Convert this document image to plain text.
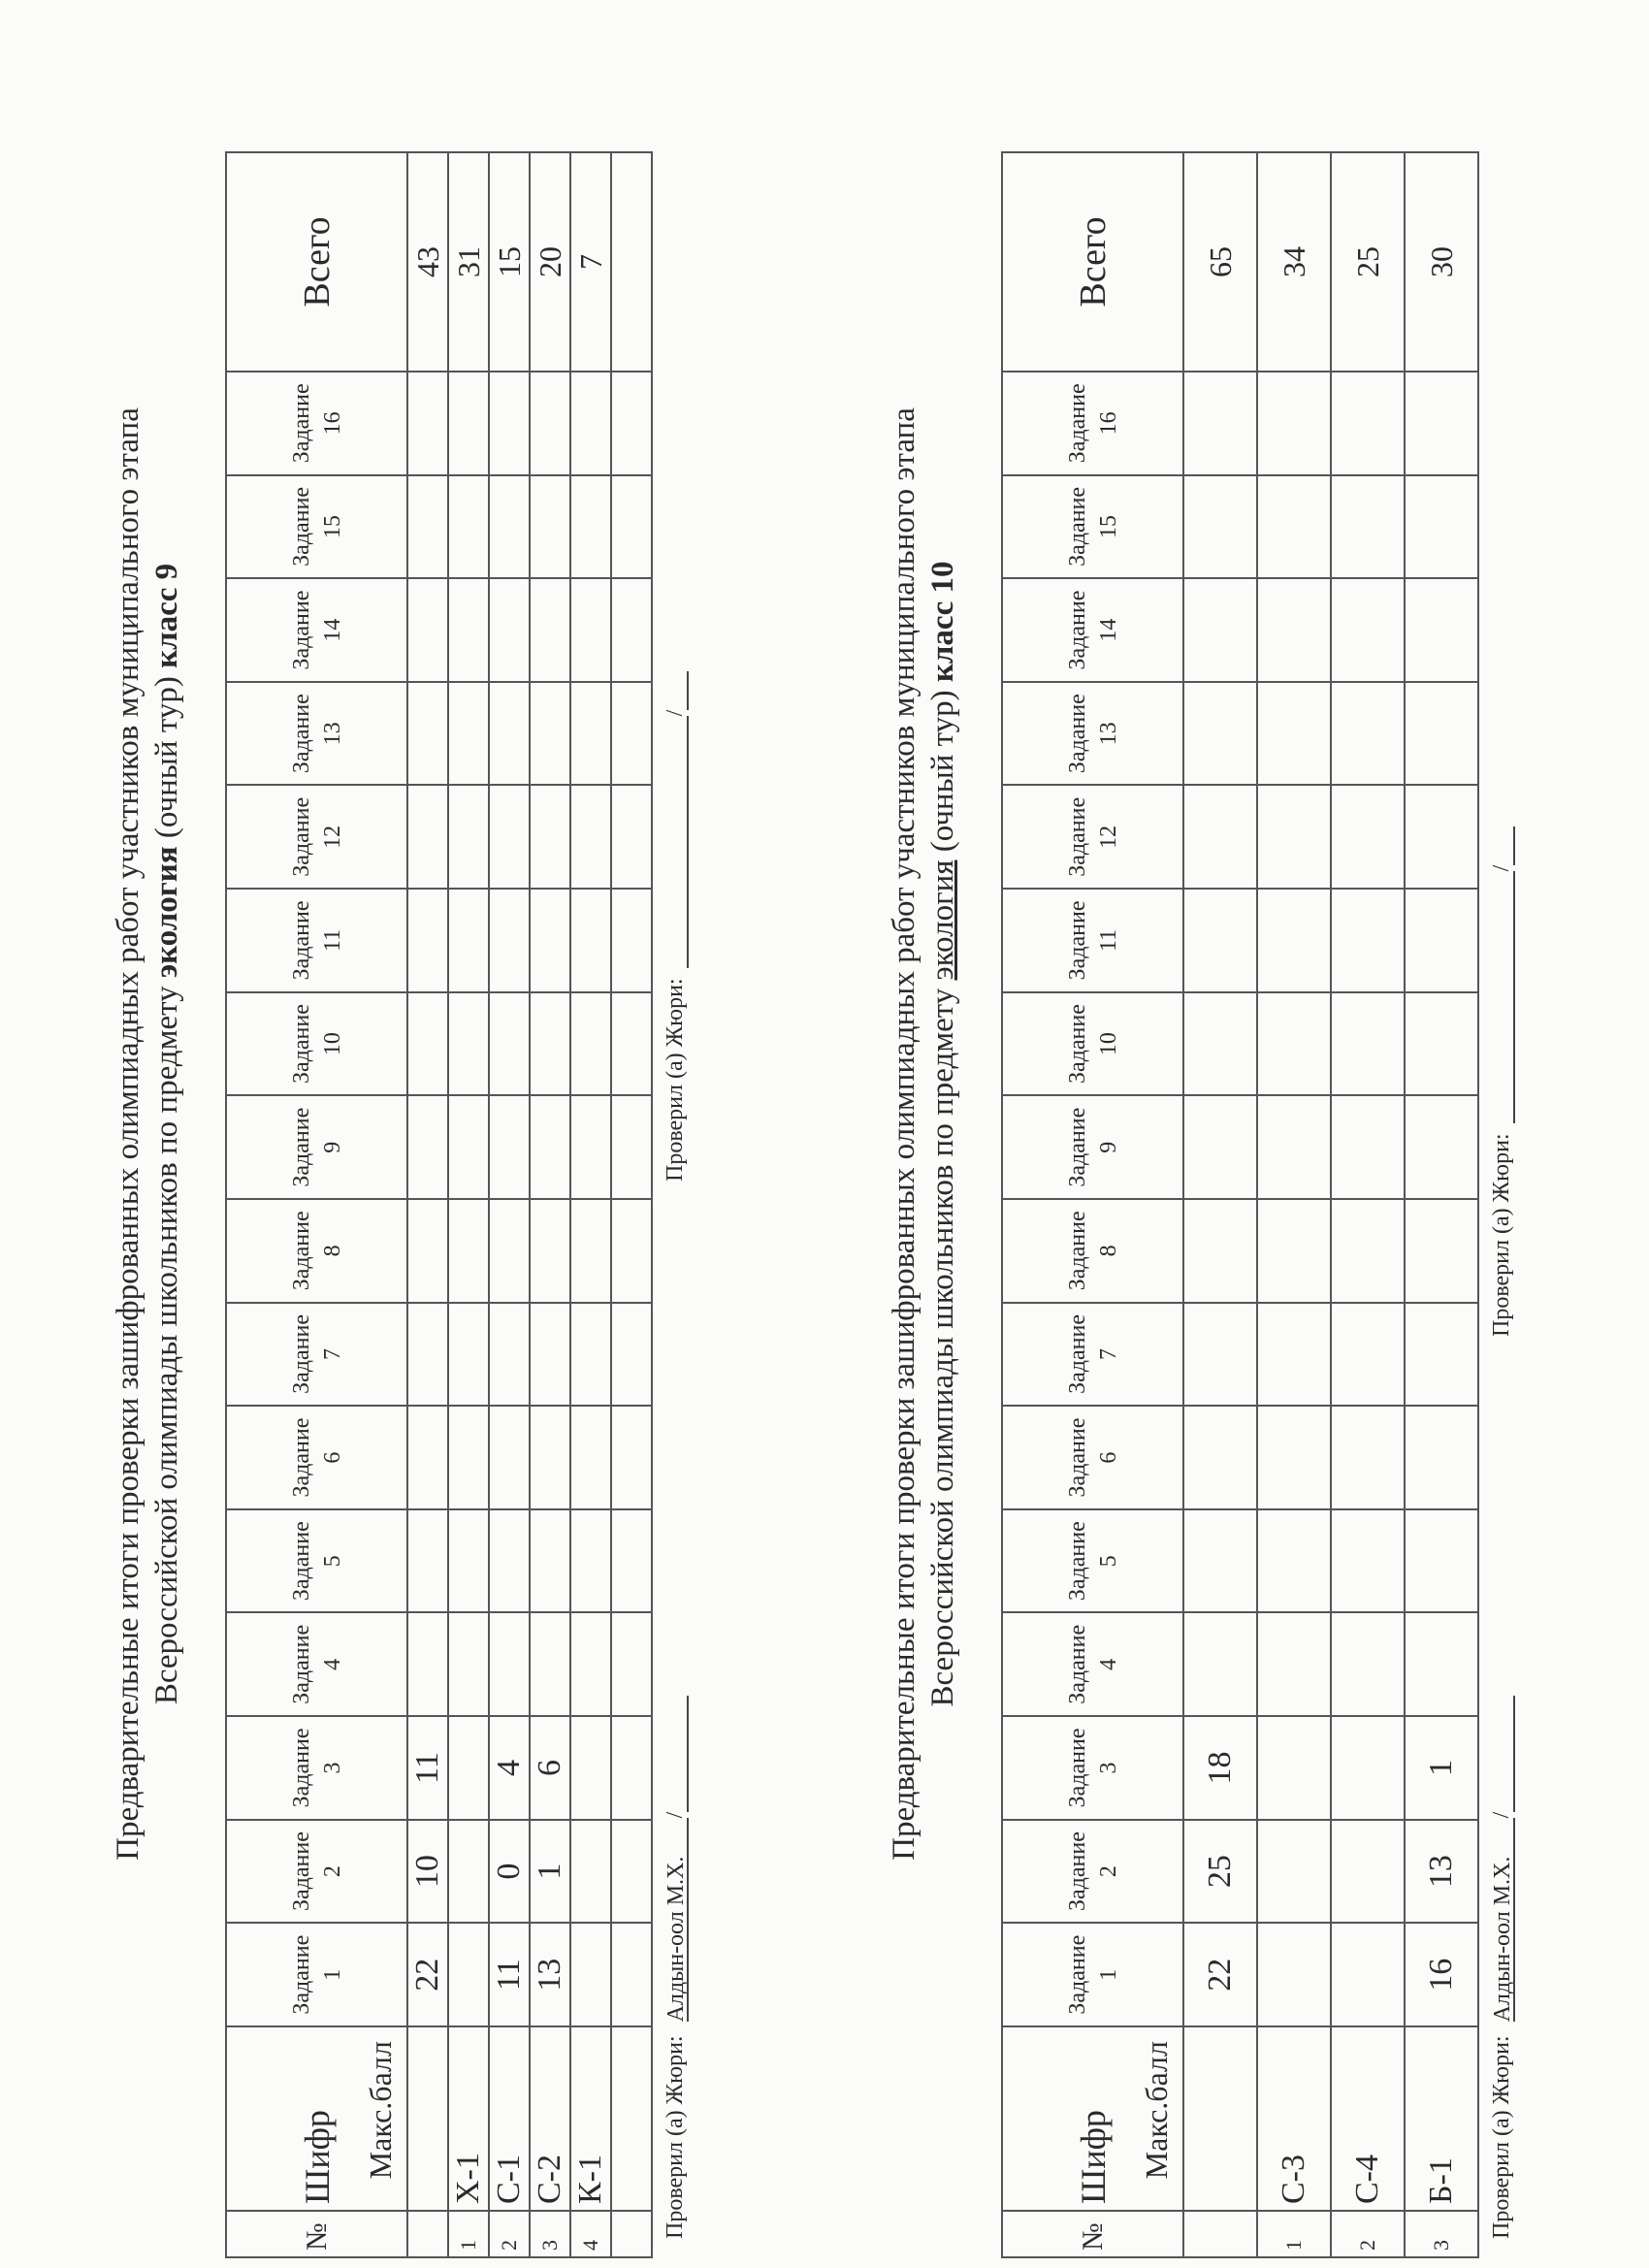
Предварительные итоги проверки зашифрованных олимпиадных работ участников муниципального этапа Всероссийской олимпиады школьников по предмету экология (очный тур) класс 9
№	Шифр Макс.балл	Задание 1	Задание 2	Задание 3	Задание 4	Задание 5	Задание 6	Задание 7	Задание 8	Задание 9	Задание 10	Задание 11	Задание 12	Задание 13	Задание 14	Задание 15	Задание 16	Всего
		22	10	11														43
1	Х-1																	31
2	С-1	11	0	4														15
3	С-2	13	1	6														20
4	К-1																	7

Проверил (а) Жюри:Алдын-оол М.Х./
Проверил (а) Жюри:/	Предварительные итоги проверки зашифрованных олимпиадных работ участников муниципального этапа Всероссийской олимпиады школьников по предмету экология (очный тур) класс 10
№	Шифр Макс.балл	Задание 1	Задание 2	Задание 3	Задание 4	Задание 5	Задание 6	Задание 7	Задание 8	Задание 9	Задание 10	Задание 11	Задание 12	Задание 13	Задание 14	Задание 15	Задание 16	Всего
		22	25	18														65
1	С-3																	34
2	С-4																	25
3	Б-1	16	13	1														30
Проверил (а) Жюри:Алдын-оол М.Х./
Проверил (а) Жюри:/
